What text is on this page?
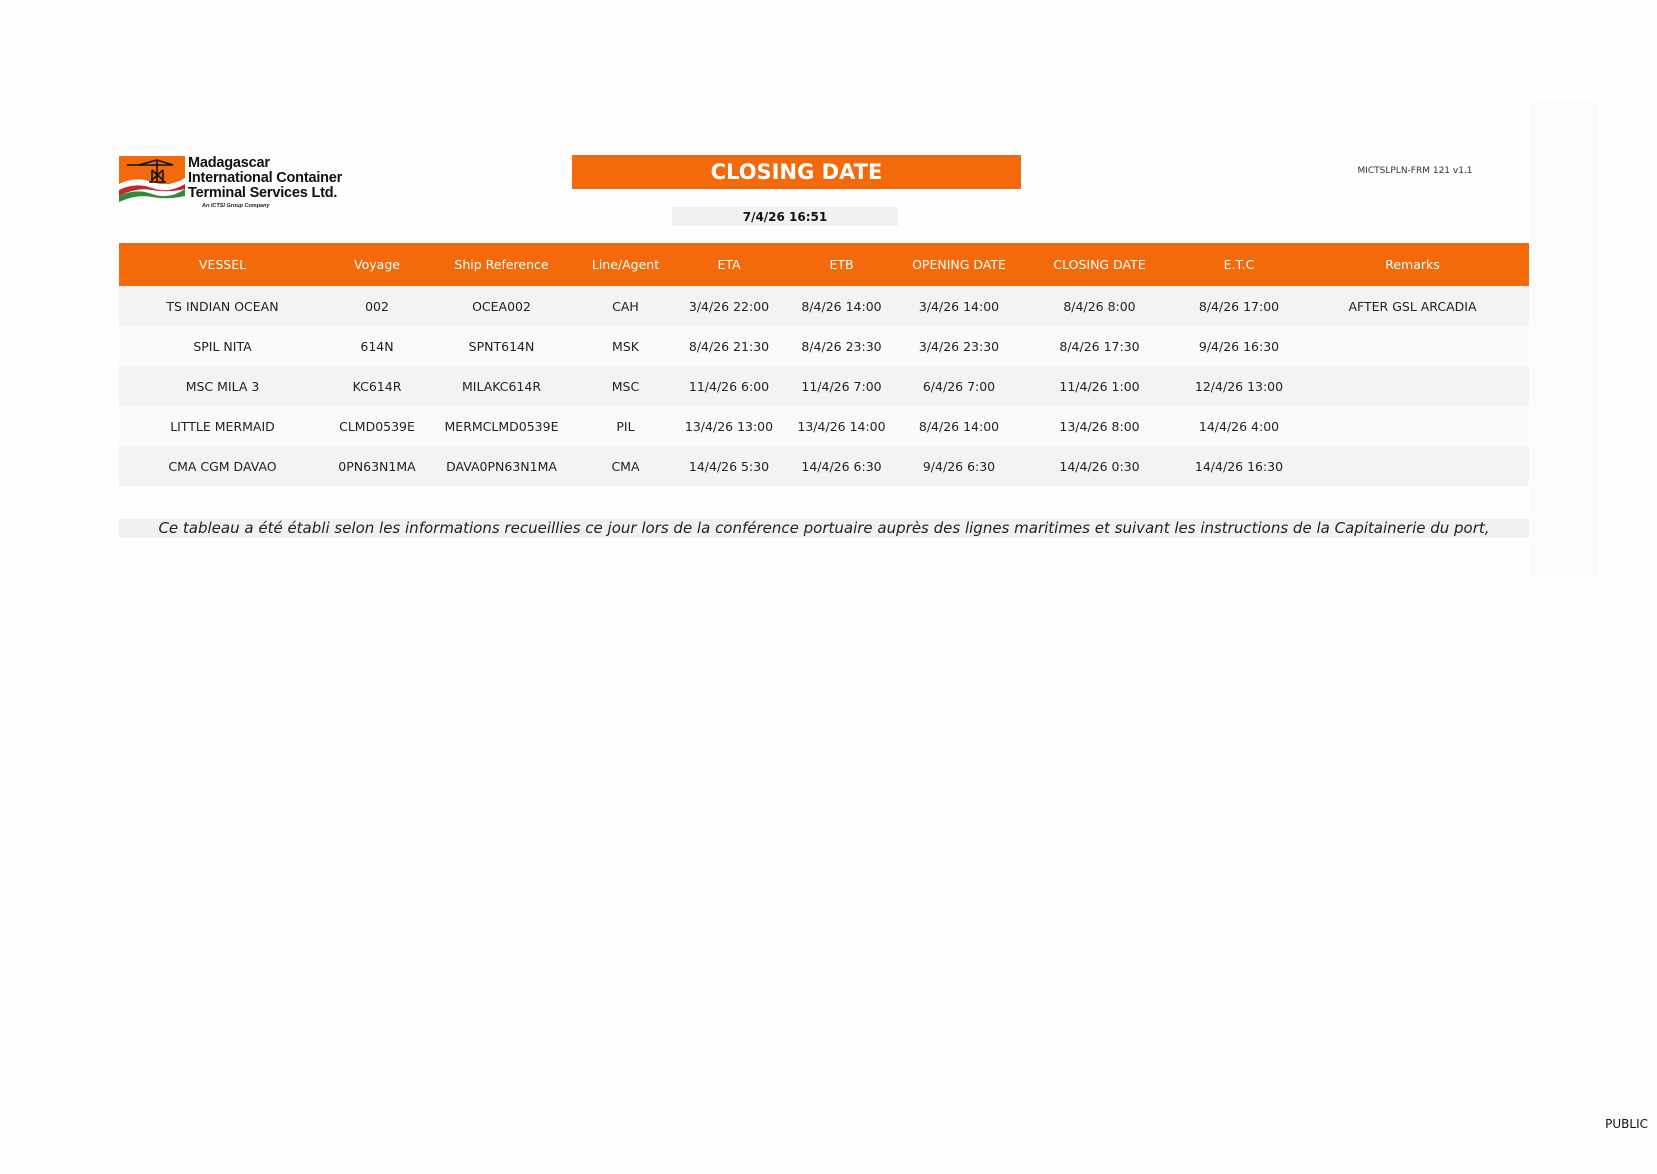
Madagascar
International Container
Terminal Services Ltd.
An ICTSI Group Company
CLOSING DATE
7/4/26 16:51
MICTSLPLN-FRM 121 v1.1
VESSEL	Voyage	Ship Reference	Line/Agent	ETA	ETB	OPENING DATE	CLOSING DATE	E.T.C	Remarks
TS INDIAN OCEAN	002	OCEA002	CAH	3/4/26 22:00	8/4/26 14:00	3/4/26 14:00	8/4/26 8:00	8/4/26 17:00	AFTER GSL ARCADIA
SPIL NITA	614N	SPNT614N	MSK	8/4/26 21:30	8/4/26 23:30	3/4/26 23:30	8/4/26 17:30	9/4/26 16:30
MSC MILA 3	KC614R	MILAKC614R	MSC	11/4/26 6:00	11/4/26 7:00	6/4/26 7:00	11/4/26 1:00	12/4/26 13:00
LITTLE MERMAID	CLMD0539E	MERMCLMD0539E	PIL	13/4/26 13:00	13/4/26 14:00	8/4/26 14:00	13/4/26 8:00	14/4/26 4:00
CMA CGM DAVAO	0PN63N1MA	DAVA0PN63N1MA	CMA	14/4/26 5:30	14/4/26 6:30	9/4/26 6:30	14/4/26 0:30	14/4/26 16:30
Ce tableau a été établi selon les informations recueillies ce jour lors de la conférence portuaire auprès des lignes maritimes et suivant les instructions de la Capitainerie du port,
PUBLIC
